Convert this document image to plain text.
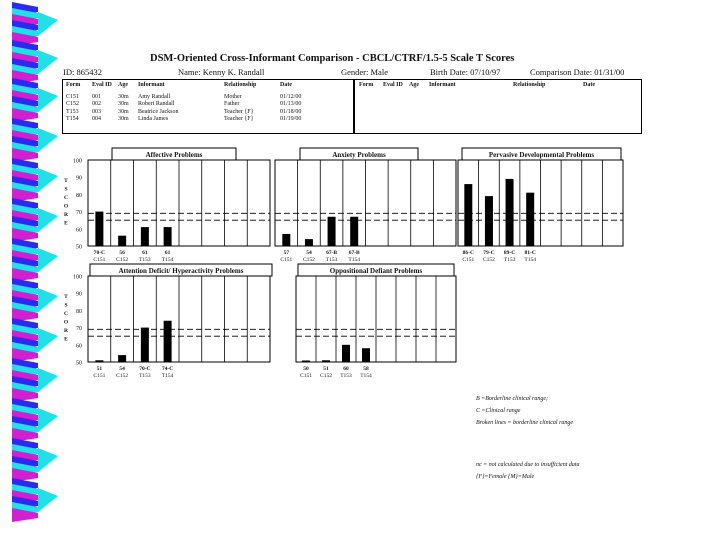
DSM-Oriented Cross-Informant Comparison - CBCL/CTRF/1.5-5 Scale T Scores
ID: 865432	Name: Kenny K. Randall	Gender: Male	Birth Date: 07/10/97	Comparison Date: 01/31/00
Form	Eval ID	Age	Informant	Relationship	Date

C151	001	30m	Amy Randall	Mother	01/12/00
C152	002	30m	Robert Randall	Father	01/13/00
T153	003	30m	Beatrice Jackson	Teacher {F}	01/18/00
T154	004	30m	Linda James	Teacher {F}	01/19/00
Form	Eval ID	Age	Informant	Relationship	Date
Affective Problems
70-C
C151
56
C152
61
T153
61
T154
50
60
70
80
90
100
T
S
C
O
R
E
Anxiety Problems
57
C151
54
C152
67-B
T153
67-B
T154
Pervasive Developmental Problems
86-C
C151
79-C
C152
89-C
T153
81-C
T154
Attention Deficit/ Hyperactivity Problems
51
C151
54
C152
70-C
T153
74-C
T154
50
60
70
80
90
100
T
S
C
O
R
E
Oppositional Defiant Problems
50
C151
51
C152
60
T153
58
T154
B =Borderline clinical range;
C =Clinical range
Broken lines = borderline clinical range
nc = not calculated due to insufficient data
{F}=Female {M}=Male
